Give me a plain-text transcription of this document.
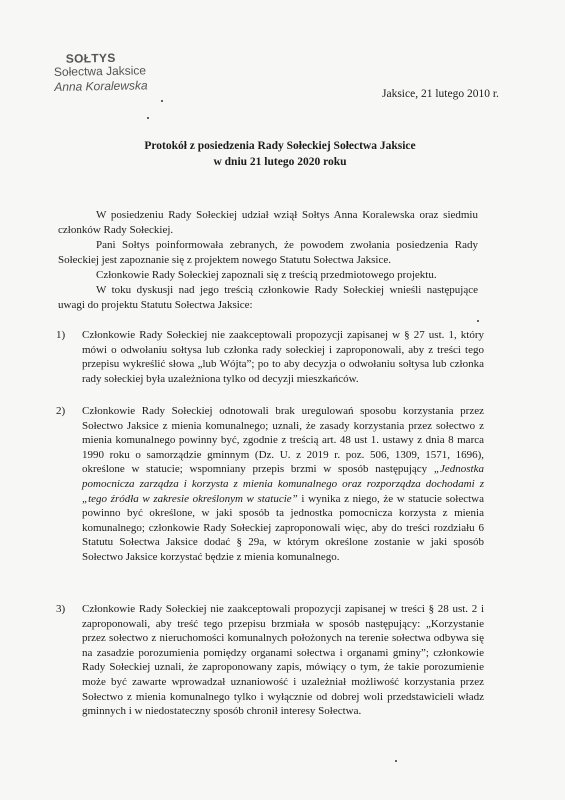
SOŁTYS
Sołectwa Jaksice
Anna Koralewska
Jaksice, 21 lutego 2010 r.
Protokół z posiedzenia Rady Sołeckiej Sołectwa Jaksice
w dniu 21 lutego 2020 roku

W posiedzeniu Rady Sołeckiej udział wziął Sołtys Anna Koralewska oraz siedmiu członków Rady Sołeckiej.

Pani Sołtys poinformowała zebranych, że powodem zwołania posiedzenia Rady Sołeckiej jest zapoznanie się z projektem nowego Statutu Sołectwa Jaksice.

Członkowie Rady Sołeckiej zapoznali się z treścią przedmiotowego projektu.

W toku dyskusji nad jego treścią członkowie Rady Sołeckiej wnieśli następujące uwagi do projektu Statutu Sołectwa Jaksice:

1)	Członkowie Rady Sołeckiej nie zaakceptowali propozycji zapisanej w § 27 ust. 1, który mówi o odwołaniu sołtysa lub członka rady sołeckiej i zaproponowali, aby z treści tego przepisu wykreślić słowa „lub Wójta”; po to aby decyzja o odwołaniu sołtysa lub członka rady sołeckiej była uzależniona tylko od decyzji mieszkańców.
2)	Członkowie Rady Sołeckiej odnotowali brak uregulowań sposobu korzystania przez Sołectwo Jaksice z mienia komunalnego; uznali, że zasady korzystania przez sołectwo z mienia komunalnego powinny być, zgodnie z treścią art. 48 ust 1. ustawy z dnia 8 marca 1990 roku o samorządzie gminnym (Dz. U. z 2019 r. poz. 506, 1309, 1571, 1696), określone w statucie; wspomniany przepis brzmi w sposób następujący „Jednostka pomocnicza zarządza i korzysta z mienia komunalnego oraz rozporządza dochodami z „tego źródła w zakresie określonym w statucie” i wynika z niego, że w statucie sołectwa powinno być określone, w jaki sposób ta jednostka pomocnicza korzysta z mienia komunalnego; członkowie Rady Sołeckiej zaproponowali więc, aby do treści rozdziału 6 Statutu Sołectwa Jaksice dodać § 29a, w którym określone zostanie w jaki sposób Sołectwo Jaksice korzystać będzie z mienia komunalnego.
3)	Członkowie Rady Sołeckiej nie zaakceptowali propozycji zapisanej w treści § 28 ust. 2 i zaproponowali, aby treść tego przepisu brzmiała w sposób następujący: „Korzystanie przez sołectwo z nieruchomości komunalnych położonych na terenie sołectwa odbywa się na zasadzie porozumienia pomiędzy organami sołectwa i organami gminy”; członkowie Rady Sołeckiej uznali, że zaproponowany zapis, mówiący o tym, że takie porozumienie może być zawarte wprowadzał uznaniowość i uzależniał możliwość korzystania przez Sołectwo z mienia komunalnego tylko i wyłącznie od dobrej woli przedstawicieli władz gminnych i w niedostateczny sposób chronił interesy Sołectwa.
